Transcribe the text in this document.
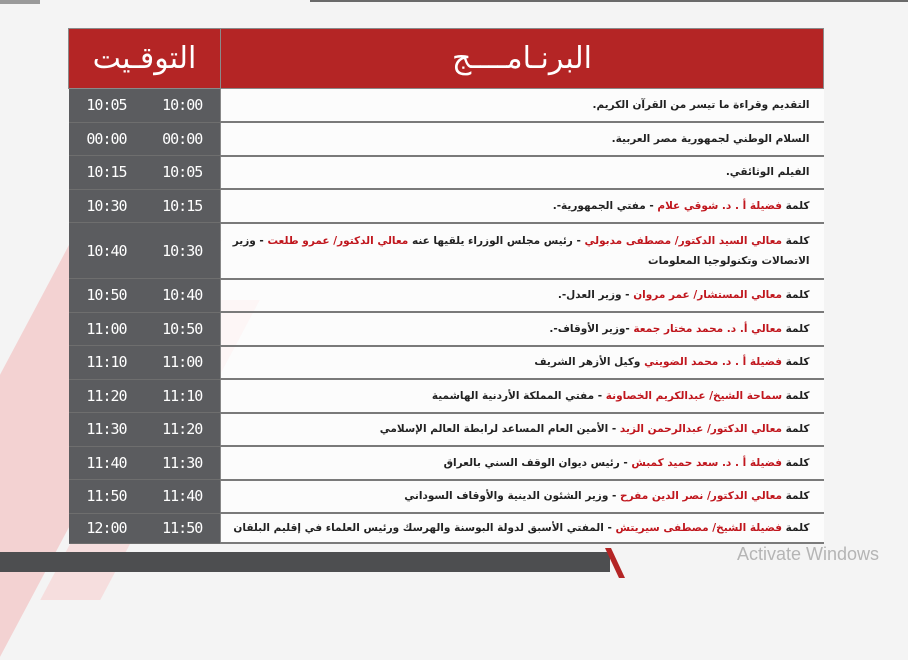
البرنـامــــج	التوقـيت	
التقديم وقراءة ما تيسر من القرآن الكريم.	10:00	10:05
السلام الوطني لجمهورية مصر العربية.	00:00	00:00
الفيلم الوثائقي.	10:05	10:15
كلمة فضيلة أ . د. شوقي علام - مفتي الجمهورية-.	10:15	10:30
كلمة معالي السيد الدكتور/ مصطفى مدبولي - رئيس مجلس الوزراء يلقيها عنه معالي الدكتور/ عمرو طلعت - وزير الاتصالات وتكنولوجيا المعلومات	10:30	10:40
كلمة معالي المستشار/ عمر مروان - وزير العدل-.	10:40	10:50
كلمة معالي أ. د. محمد مختار جمعة -وزير الأوقاف-.	10:50	11:00
كلمة فضيلة أ . د. محمد الضويني وكيل الأزهر الشريف	11:00	11:10
كلمة سماحة الشيخ/ عبدالكريم الخصاونة - مفتي المملكة الأردنية الهاشمية	11:10	11:20
كلمة معالي الدكتور/ عبدالرحمن الزيد - الأمين العام المساعد لرابطة العالم الإسلامي	11:20	11:30
كلمة فضيلة أ . د. سعد حميد كمبش - رئيس ديوان الوقف السني بالعراق	11:30	11:40
كلمة معالي الدكتور/ نصر الدين مفرح - وزير الشئون الدينية والأوقاف السوداني	11:40	11:50
كلمة فضيلة الشيخ/ مصطفى سيريتش - المفتي الأسبق لدولة البوسنة والهرسك ورئيس العلماء في إقليم البلقان	11:50	12:00
Activate Windows
